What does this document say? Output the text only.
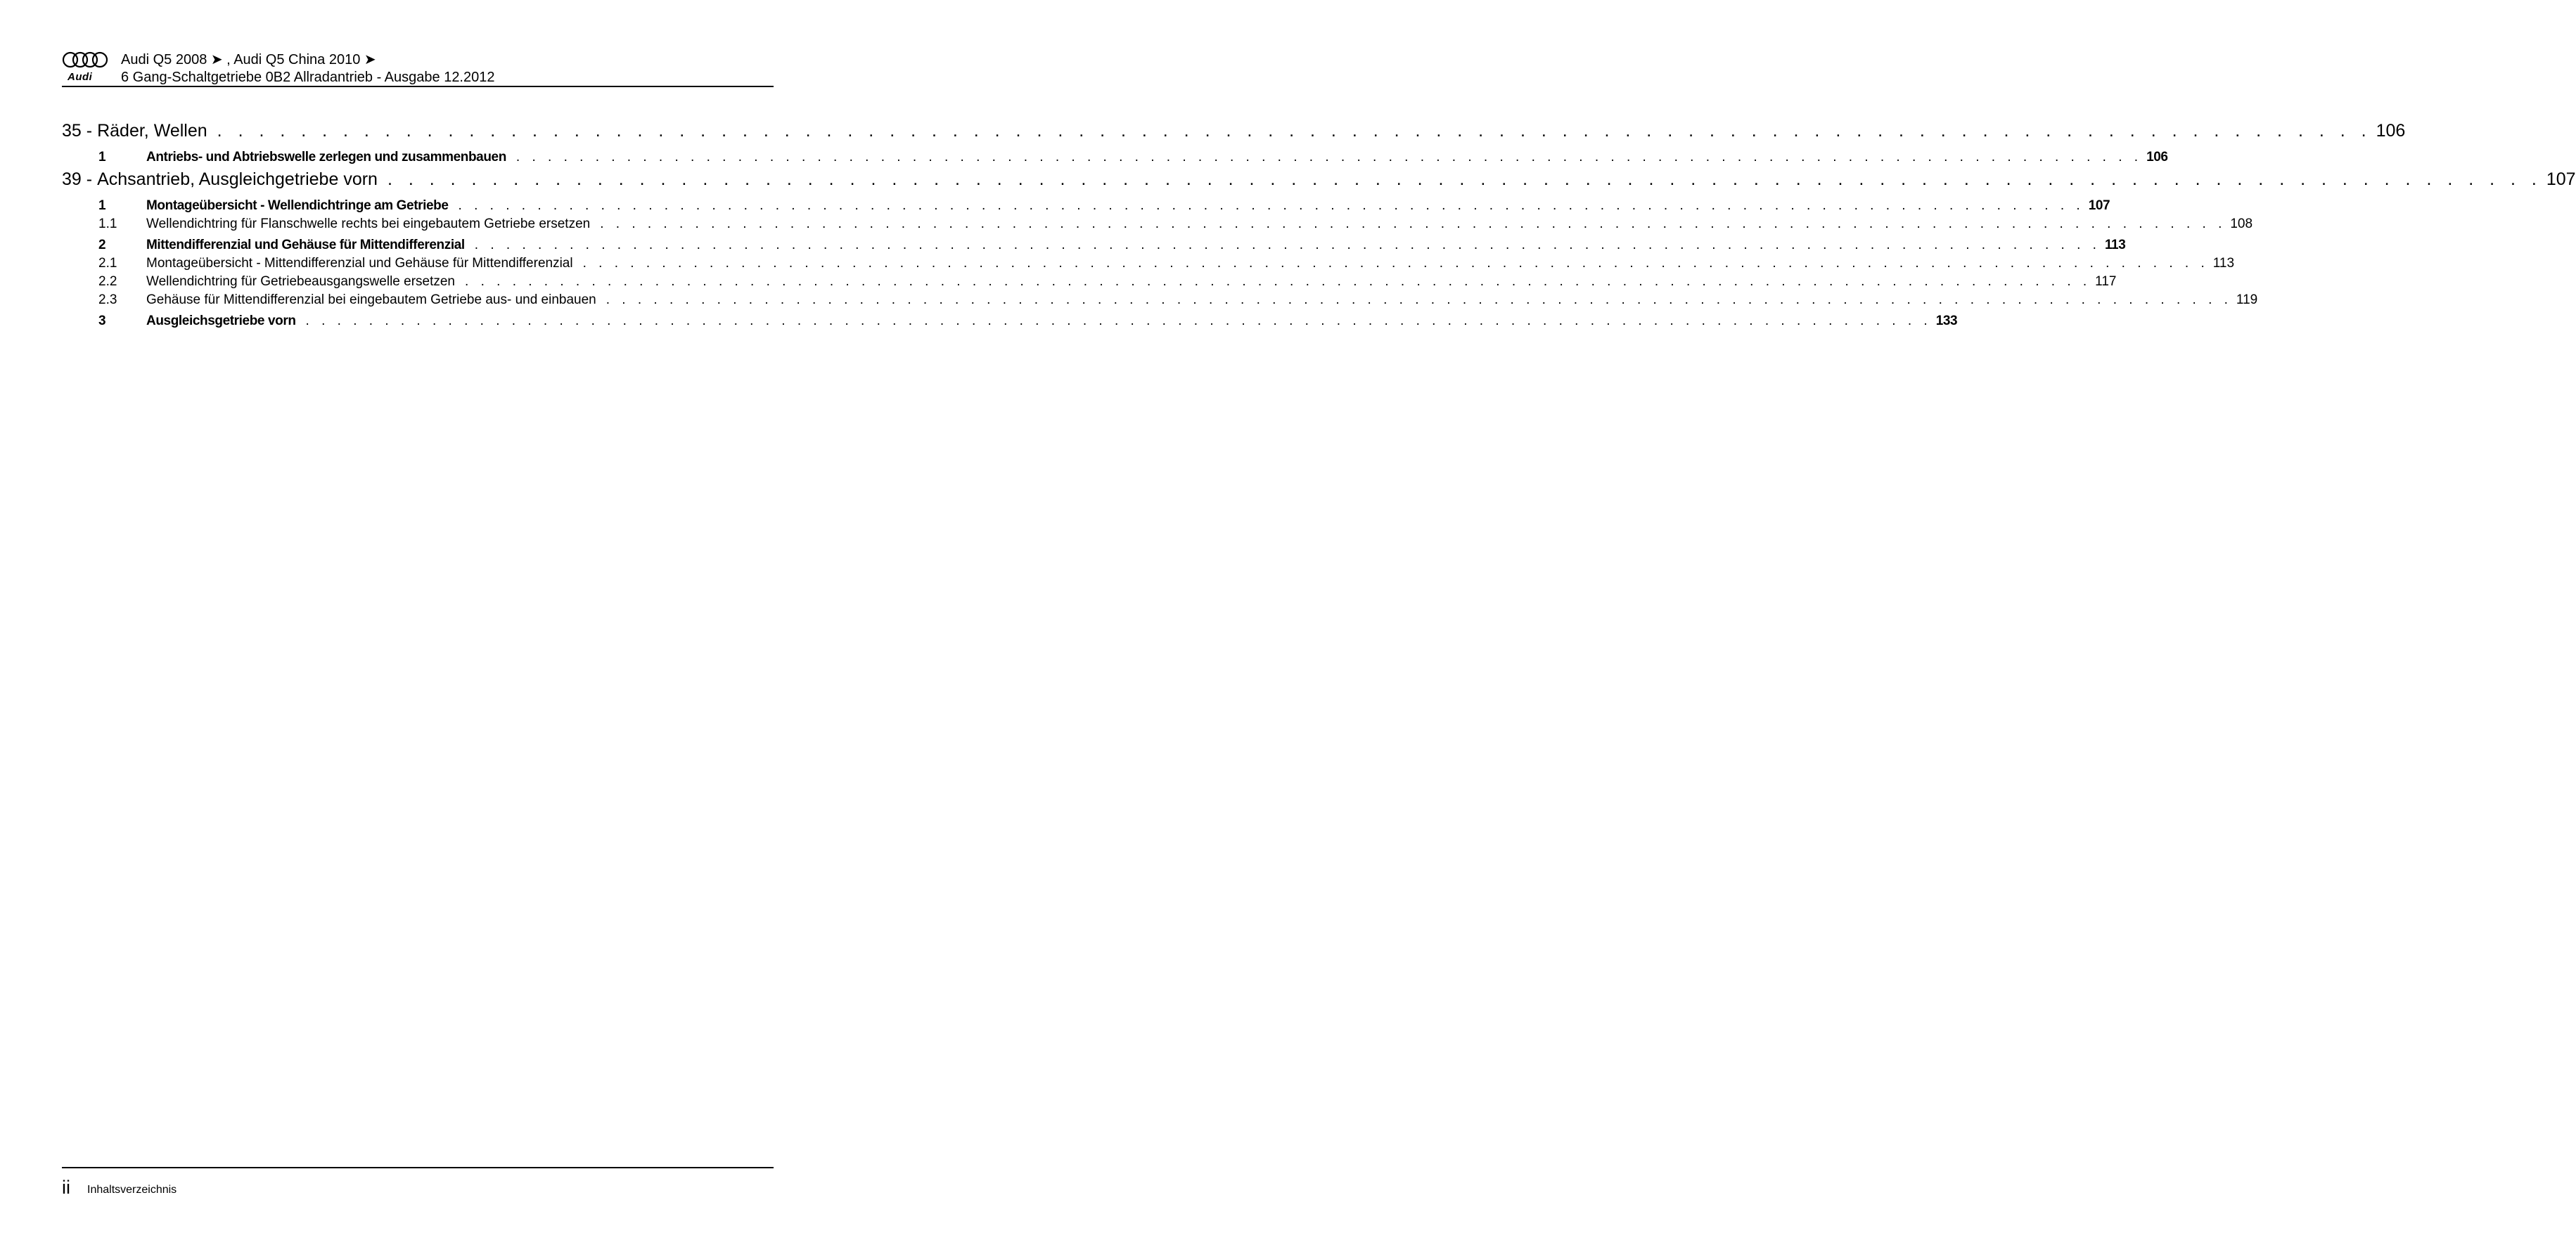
Audi
Audi Q5 2008 ➤ , Audi Q5 China 2010 ➤
6 Gang-Schaltgetriebe 0B2 Allradantrieb - Ausgabe 12.2012
35 - Räder, Wellen . . . . . . . . . . . . . . . . . . . . . . . . . . . . . . . . . . . . . . . . . . . . . . . . . . . . . . . . . . . . . . . . . . . . . . . . . . . . . . . . . . . . . . . . . . . . . . . . . . . . . . . 106
1	Antriebs- und Abtriebswelle zerlegen und zusammenbauen . . . . . . . . . . . . . . . . . . . . . . . . . . . . . . . . . . . . . . . . . . . . . . . . . . . . . . . . . . . . . . . . . . . . . . . . . . . . . . . . . . . . . . . . . . . . . . . . . . . . . . . 106
39 - Achsantrieb, Ausgleichgetriebe vorn . . . . . . . . . . . . . . . . . . . . . . . . . . . . . . . . . . . . . . . . . . . . . . . . . . . . . . . . . . . . . . . . . . . . . . . . . . . . . . . . . . . . . . . . . . . . . . . . . . . . . . . 107
1	Montageübersicht - Wellendichtringe am Getriebe . . . . . . . . . . . . . . . . . . . . . . . . . . . . . . . . . . . . . . . . . . . . . . . . . . . . . . . . . . . . . . . . . . . . . . . . . . . . . . . . . . . . . . . . . . . . . . . . . . . . . . . 107
1.1	Wellendichtring für Flanschwelle rechts bei eingebautem Getriebe ersetzen . . . . . . . . . . . . . . . . . . . . . . . . . . . . . . . . . . . . . . . . . . . . . . . . . . . . . . . . . . . . . . . . . . . . . . . . . . . . . . . . . . . . . . . . . . . . . . . . . . . . . . . 108
2	Mittendifferenzial und Gehäuse für Mittendifferenzial . . . . . . . . . . . . . . . . . . . . . . . . . . . . . . . . . . . . . . . . . . . . . . . . . . . . . . . . . . . . . . . . . . . . . . . . . . . . . . . . . . . . . . . . . . . . . . . . . . . . . . . 113
2.1	Montageübersicht - Mittendifferenzial und Gehäuse für Mittendifferenzial . . . . . . . . . . . . . . . . . . . . . . . . . . . . . . . . . . . . . . . . . . . . . . . . . . . . . . . . . . . . . . . . . . . . . . . . . . . . . . . . . . . . . . . . . . . . . . . . . . . . . . . 113
2.2	Wellendichtring für Getriebeausgangswelle ersetzen . . . . . . . . . . . . . . . . . . . . . . . . . . . . . . . . . . . . . . . . . . . . . . . . . . . . . . . . . . . . . . . . . . . . . . . . . . . . . . . . . . . . . . . . . . . . . . . . . . . . . . . 117
2.3	Gehäuse für Mittendifferenzial bei eingebautem Getriebe aus- und einbauen . . . . . . . . . . . . . . . . . . . . . . . . . . . . . . . . . . . . . . . . . . . . . . . . . . . . . . . . . . . . . . . . . . . . . . . . . . . . . . . . . . . . . . . . . . . . . . . . . . . . . . . 119
3	Ausgleichsgetriebe vorn . . . . . . . . . . . . . . . . . . . . . . . . . . . . . . . . . . . . . . . . . . . . . . . . . . . . . . . . . . . . . . . . . . . . . . . . . . . . . . . . . . . . . . . . . . . . . . . . . . . . . . . 133
ii Inhaltsverzeichnis
